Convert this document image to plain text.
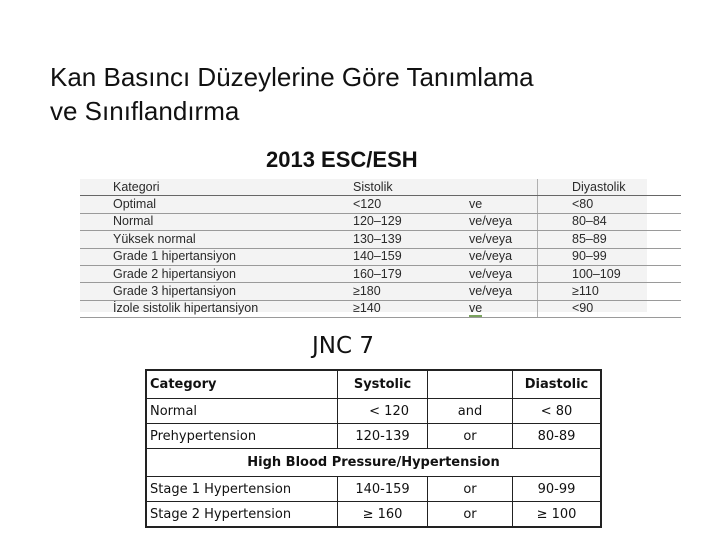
Kan Basıncı Düzeylerine Göre Tanımlama
ve Sınıflandırma
2013 ESC/ESH
Kategori	Sistolik			Diyastolik
Optimal	<120	ve		<80
Normal	120–129	ve/veya		80–84
Yüksek normal	130–139	ve/veya		85–89
Grade 1 hipertansiyon	140–159	ve/veya		90–99
Grade 2 hipertansiyon	160–179	ve/veya		100–109
Grade 3 hipertansiyon	≥180	ve/veya		≥110
İzole sistolik hipertansiyon	≥140	ve		<90
JNC 7
Category	Systolic		Diastolic
Normal	< 120	and	< 80
Prehypertension	120-139	or	80-89
High Blood Pressure/Hypertension			
Stage 1 Hypertension	140-159	or	90-99
Stage 2 Hypertension	≥ 160	or	≥ 100
